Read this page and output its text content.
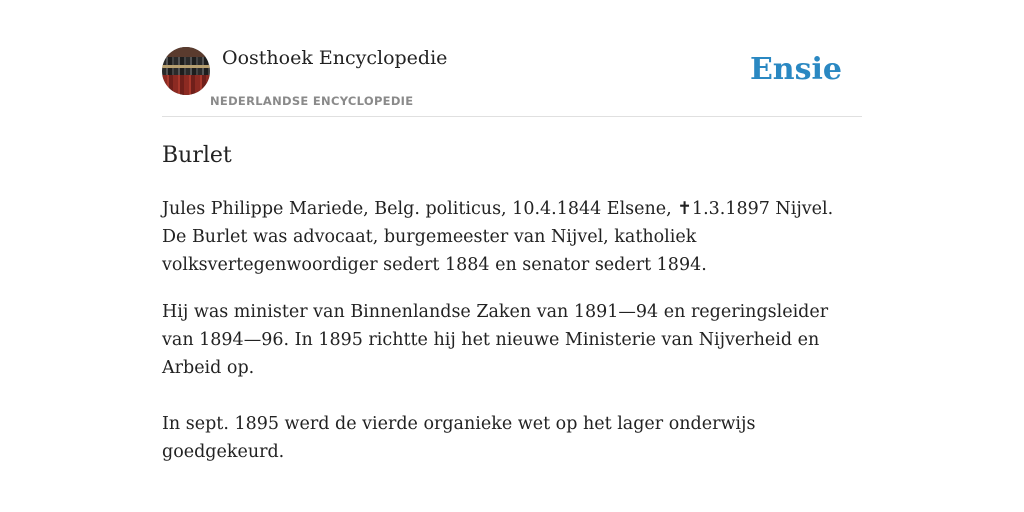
Oosthoek Encyclopedie
NEDERLANDSE ENCYCLOPEDIE
Ensie
Burlet

Jules Philippe Mariede, Belg. politicus, 10.4.1844 Elsene, ✝1.3.1897 Nijvel. De Burlet was advocaat, burgemeester van Nijvel, katholiek volksvertegenwoordiger sedert 1884 en senator sedert 1894.

Hij was minister van Binnenlandse Zaken van 1891—94 en regeringsleider van 1894—96. In 1895 richtte hij het nieuwe Ministerie van Nijverheid en Arbeid op.

In sept. 1895 werd de vierde organieke wet op het lager onderwijs goedgekeurd.
